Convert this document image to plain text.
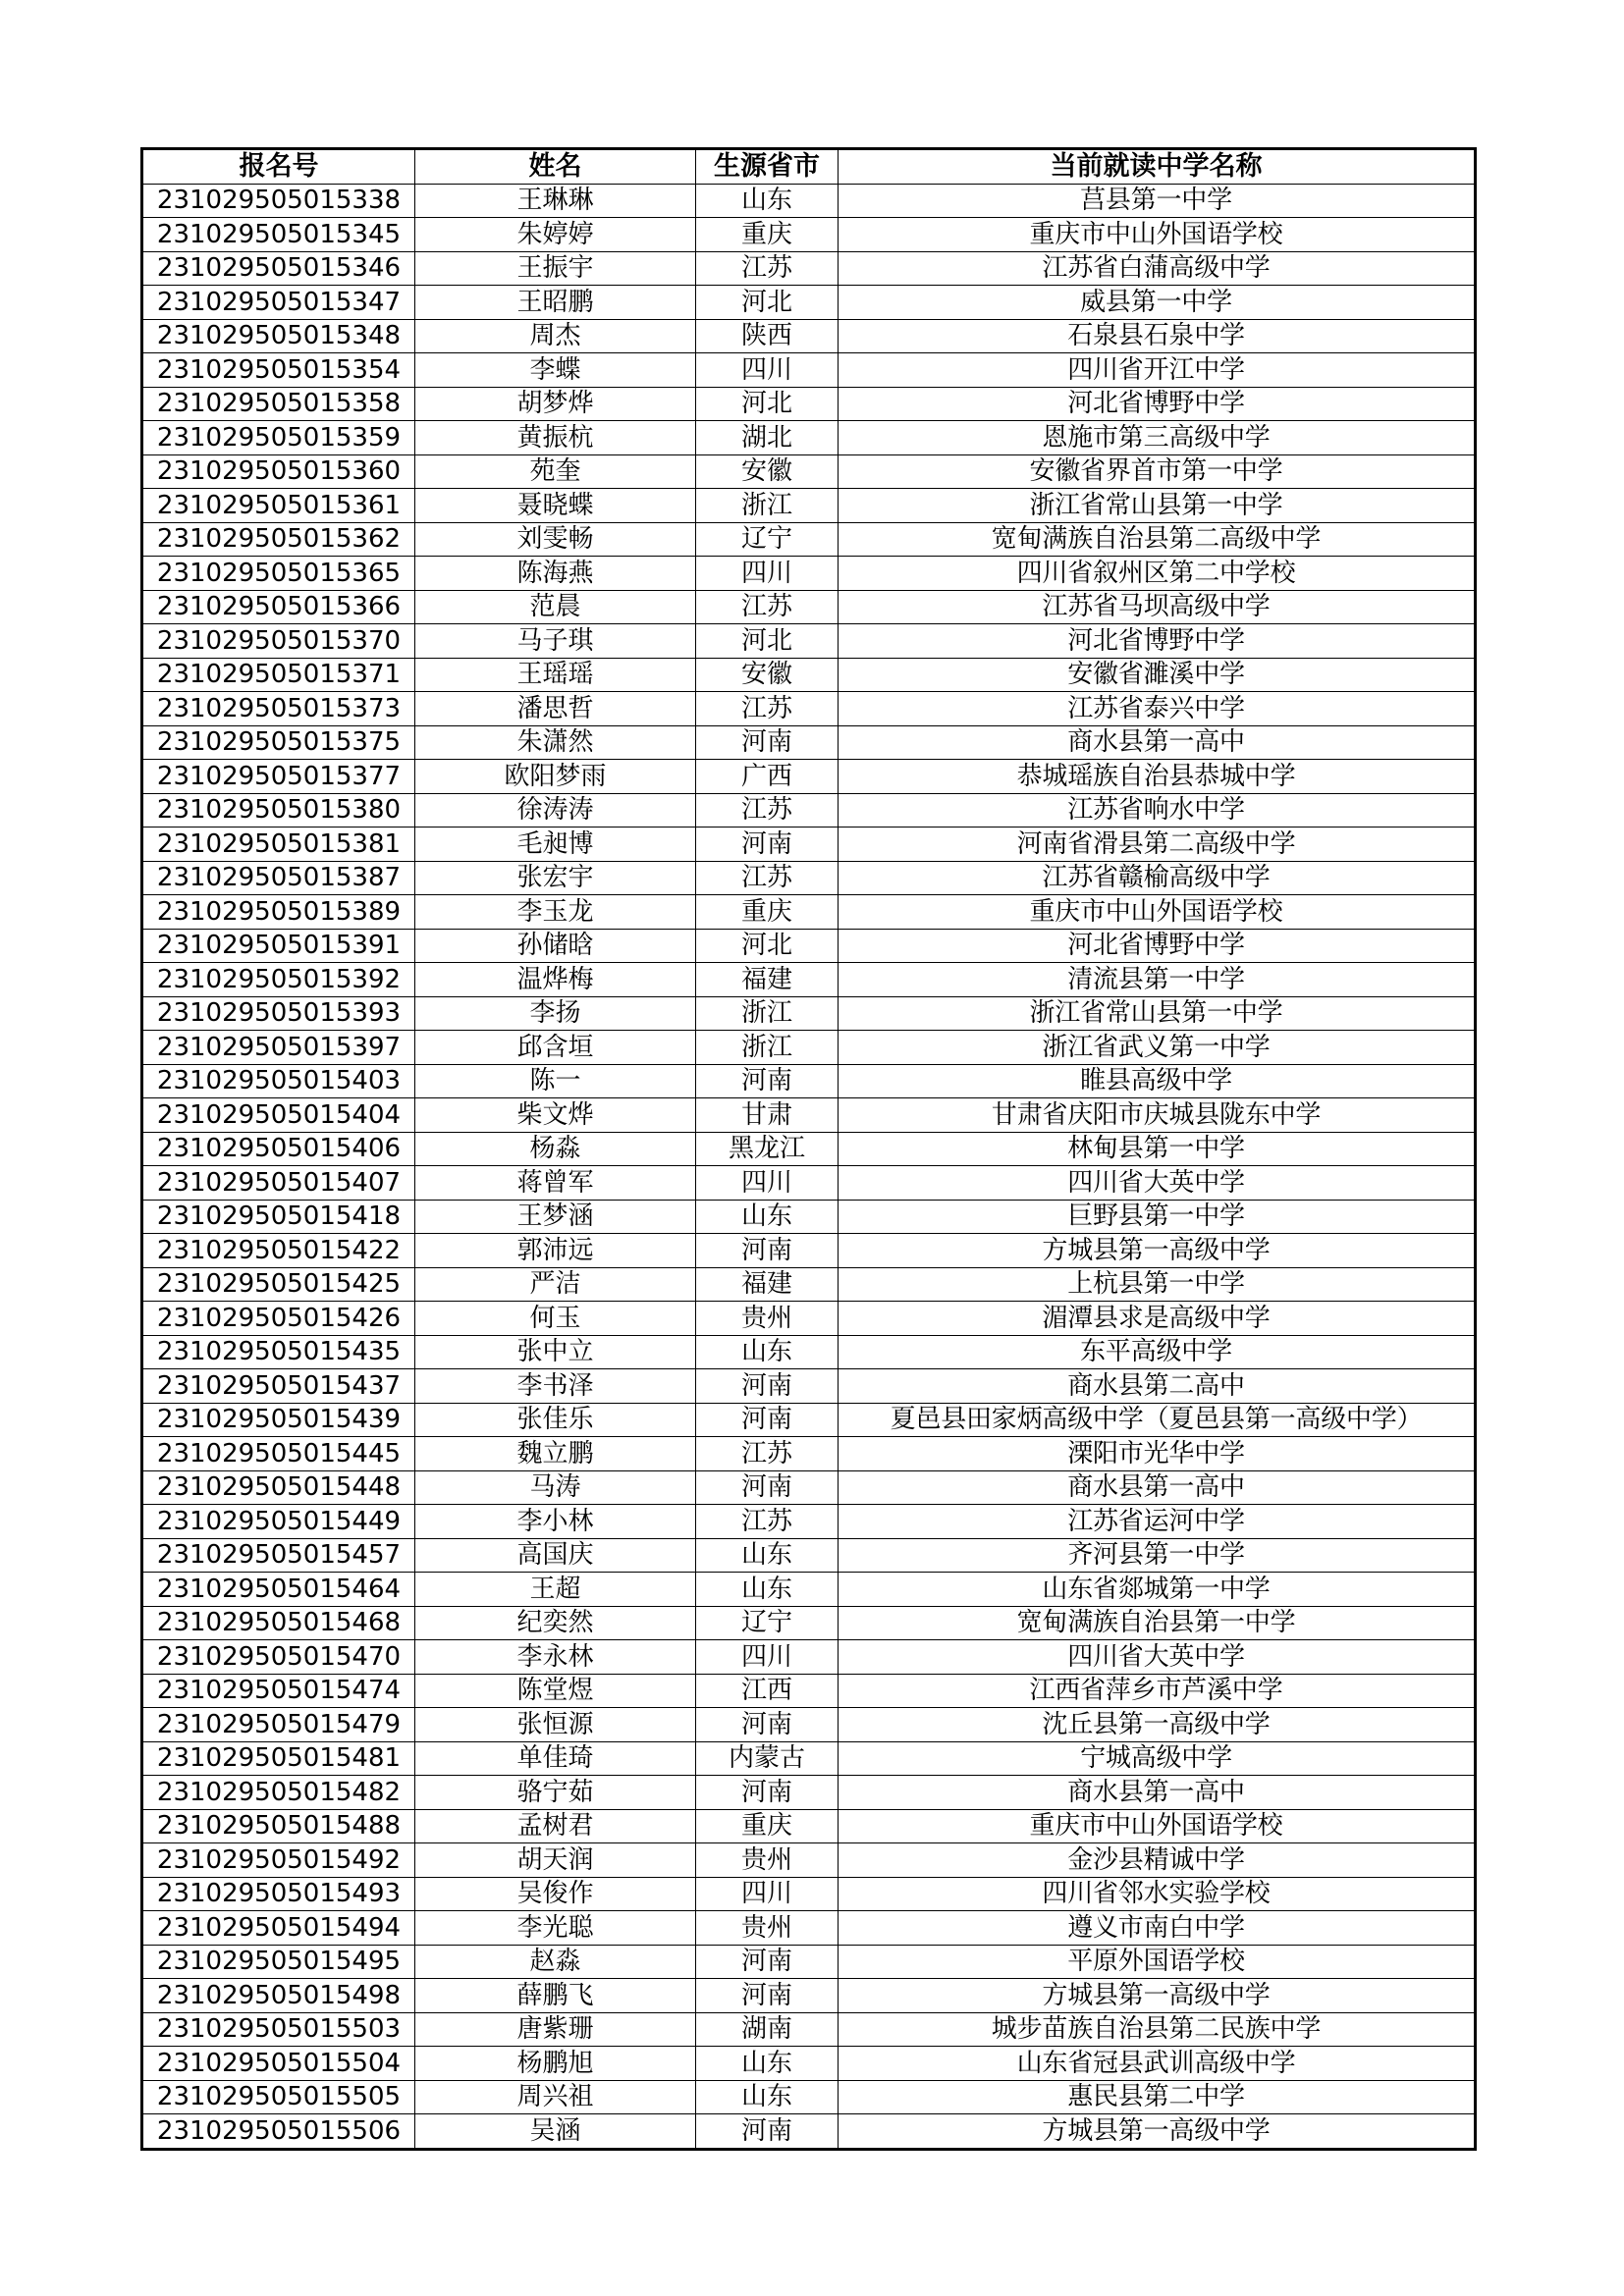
报名号	姓名	生源省市	当前就读中学名称
231029505015338	王琳琳	山东	莒县第一中学
231029505015345	朱婷婷	重庆	重庆市中山外国语学校
231029505015346	王振宇	江苏	江苏省白蒲高级中学
231029505015347	王昭鹏	河北	威县第一中学
231029505015348	周杰	陕西	石泉县石泉中学
231029505015354	李蝶	四川	四川省开江中学
231029505015358	胡梦烨	河北	河北省博野中学
231029505015359	黄振杭	湖北	恩施市第三高级中学
231029505015360	苑奎	安徽	安徽省界首市第一中学
231029505015361	聂晓蝶	浙江	浙江省常山县第一中学
231029505015362	刘雯畅	辽宁	宽甸满族自治县第二高级中学
231029505015365	陈海燕	四川	四川省叙州区第二中学校
231029505015366	范晨	江苏	江苏省马坝高级中学
231029505015370	马子琪	河北	河北省博野中学
231029505015371	王瑶瑶	安徽	安徽省濉溪中学
231029505015373	潘思哲	江苏	江苏省泰兴中学
231029505015375	朱潇然	河南	商水县第一高中
231029505015377	欧阳梦雨	广西	恭城瑶族自治县恭城中学
231029505015380	徐涛涛	江苏	江苏省响水中学
231029505015381	毛昶博	河南	河南省滑县第二高级中学
231029505015387	张宏宇	江苏	江苏省赣榆高级中学
231029505015389	李玉龙	重庆	重庆市中山外国语学校
231029505015391	孙储晗	河北	河北省博野中学
231029505015392	温烨梅	福建	清流县第一中学
231029505015393	李扬	浙江	浙江省常山县第一中学
231029505015397	邱含垣	浙江	浙江省武义第一中学
231029505015403	陈一	河南	睢县高级中学
231029505015404	柴文烨	甘肃	甘肃省庆阳市庆城县陇东中学
231029505015406	杨淼	黑龙江	林甸县第一中学
231029505015407	蒋曾军	四川	四川省大英中学
231029505015418	王梦涵	山东	巨野县第一中学
231029505015422	郭沛远	河南	方城县第一高级中学
231029505015425	严洁	福建	上杭县第一中学
231029505015426	何玉	贵州	湄潭县求是高级中学
231029505015435	张中立	山东	东平高级中学
231029505015437	李书泽	河南	商水县第二高中
231029505015439	张佳乐	河南	夏邑县田家炳高级中学（夏邑县第一高级中学）
231029505015445	魏立鹏	江苏	溧阳市光华中学
231029505015448	马涛	河南	商水县第一高中
231029505015449	李小林	江苏	江苏省运河中学
231029505015457	高国庆	山东	齐河县第一中学
231029505015464	王超	山东	山东省郯城第一中学
231029505015468	纪奕然	辽宁	宽甸满族自治县第一中学
231029505015470	李永林	四川	四川省大英中学
231029505015474	陈堂煜	江西	江西省萍乡市芦溪中学
231029505015479	张恒源	河南	沈丘县第一高级中学
231029505015481	单佳琦	内蒙古	宁城高级中学
231029505015482	骆宁茹	河南	商水县第一高中
231029505015488	孟树君	重庆	重庆市中山外国语学校
231029505015492	胡天润	贵州	金沙县精诚中学
231029505015493	吴俊作	四川	四川省邻水实验学校
231029505015494	李光聪	贵州	遵义市南白中学
231029505015495	赵淼	河南	平原外国语学校
231029505015498	薛鹏飞	河南	方城县第一高级中学
231029505015503	唐紫珊	湖南	城步苗族自治县第二民族中学
231029505015504	杨鹏旭	山东	山东省冠县武训高级中学
231029505015505	周兴祖	山东	惠民县第二中学
231029505015506	吴涵	河南	方城县第一高级中学
